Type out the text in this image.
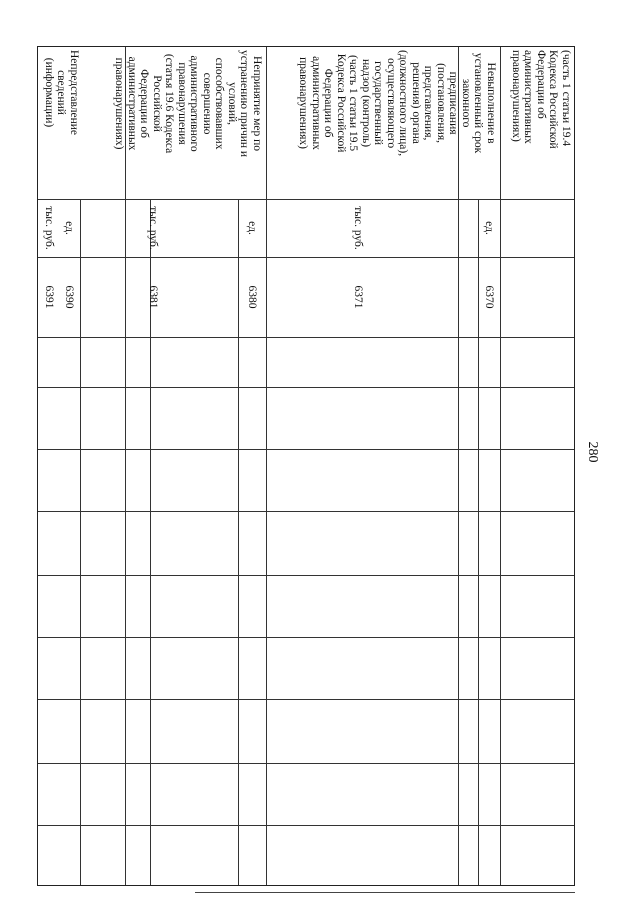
280
(часть 1 статьи 19.4
Кодекса Российской
Федерации об
административных
правонарушениях)
Невыполнение в
установленный срок
законного
предписания
(постановления,
представления,
решения) органа
(должностного лица),
осуществляющего
государственный
надзор (контроль)
(часть 1 статьи 19.5
Кодекса Российской
Федерации об
административных
правонарушениях)
Непринятие мер по
устранению причин и
условий,
способствовавших
совершению
административного
правонарушения
(статья 19.6 Кодекса
Российской
Федерации об
административных
правонарушениях)
Непредставление
сведений
(информации)
ед.
тыс. руб.
ед.
тыс. руб.
ед.
тыс. руб.
6370
6371
6380
6381
6390
6391
